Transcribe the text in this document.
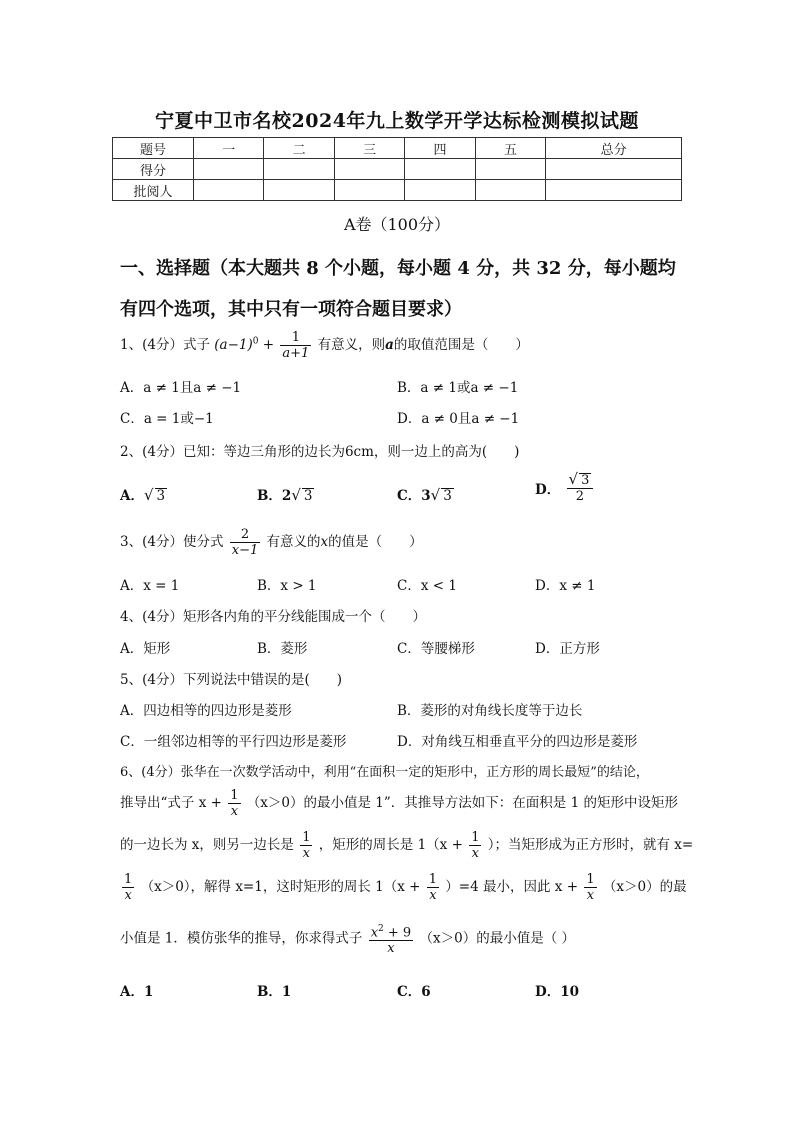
宁夏中卫市名校2024年九上数学开学达标检测模拟试题
题号	一	二	三	四	五	总分
得分						
批阅人						
A卷（100分）
一、选择题（本大题共 8 个小题，每小题 4 分，共 32 分，每小题均
有四个选项，其中只有一项符合题目要求）
1、(4分）式子 $(a-1)^0 + \frac{1}{a+1}$ 有意义，则a的取值范围是（　　）
A．a ≠ 1且a ≠ −1	B．a ≠ 1或a ≠ −1
C．a = 1或−1	D．a ≠ 0且a ≠ −1
2、(4分）已知：等边三角形的边长为6cm，则一边上的高为(　　)
A．√ 3	B．2√ 3	C．3√ 3	D． $\frac{√ 3}{2}$
3、(4分）使分式 $\frac{2}{x-1}$ 有意义的x的值是（　　）
A．x = 1	B．x > 1	C．x < 1	D．x ≠ 1
4、(4分）矩形各内角的平分线能围成一个（　　）
A．矩形	B．菱形	C．等腰梯形	D．正方形
5、(4分）下列说法中错误的是(　　)
A．四边相等的四边形是菱形	B．菱形的对角线长度等于边长
C．一组邻边相等的平行四边形是菱形	D．对角线互相垂直平分的四边形是菱形
6、(4分）张华在一次数学活动中，利用“在面积一定的矩形中，正方形的周长最短”的结论，
推导出“式子 $x + \frac{1}{x} (x>0)$的最小值是 1”．其推导方法如下：在面积是 1 的矩形中设矩形
的一边长为 x，则另一边长是 $\frac{1}{x}$ ，矩形的周长是 $1(x + \frac{1}{x}$ ）；当矩形成为正方形时，就有 x=
$\frac{1}{x} (x>0)$，解得 x=1，这时矩形的周长 $1(x + \frac{1}{x} )=4$ 最小，因此 $x + \frac{1}{x} (x>0)$的最
小值是 1．模仿张华的推导，你求得式子 $\frac{x^2 + 9}{x} (x>0)$的最小值是（ ）
A．1	B．1	C．6	D．10
